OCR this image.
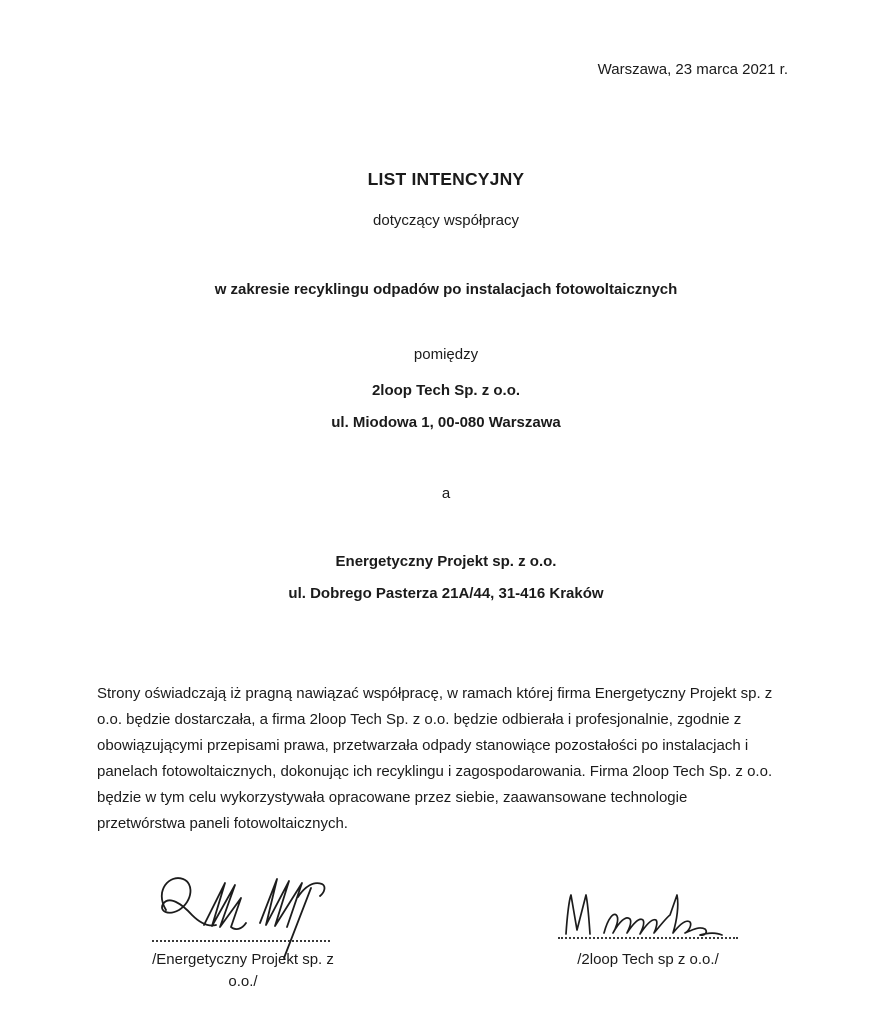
Warszawa, 23 marca 2021 r.
LIST INTENCYJNY
dotyczący współpracy
w zakresie recyklingu odpadów po instalacjach fotowoltaicznych
pomiędzy
2loop Tech Sp. z o.o.
ul. Miodowa 1, 00-080 Warszawa
a
Energetyczny Projekt sp. z o.o.
ul. Dobrego Pasterza 21A/44, 31-416 Kraków
Strony oświadczają iż pragną nawiązać współpracę, w ramach której firma Energetyczny Projekt sp. z
o.o. będzie dostarczała, a firma 2loop Tech Sp. z o.o. będzie odbierała i profesjonalnie, zgodnie z
obowiązującymi przepisami prawa, przetwarzała odpady stanowiące pozostałości po instalacjach i
panelach fotowoltaicznych, dokonując ich recyklingu i zagospodarowania. Firma 2loop Tech Sp. z o.o.
będzie w tym celu wykorzystywała opracowane przez siebie, zaawansowane technologie
przetwórstwa paneli fotowoltaicznych.
/Energetyczny Projekt sp. z
o.o./
/2loop Tech sp z o.o./
